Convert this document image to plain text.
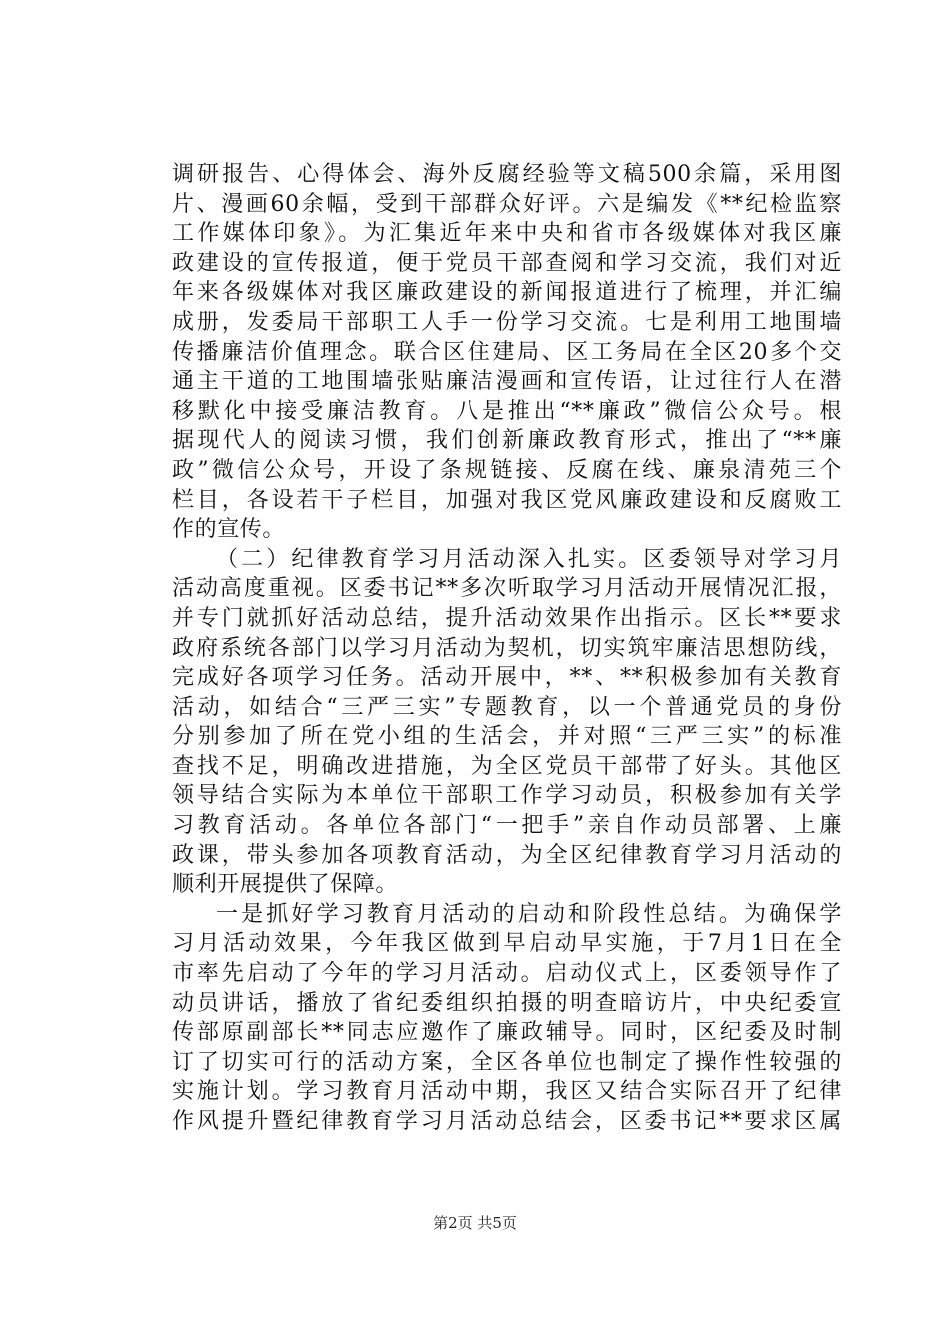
调研报告、心得体会、海外反腐经验等文稿500余篇，采用图
片、漫画60余幅，受到干部群众好评。六是编发《**纪检监察
工作媒体印象》。为汇集近年来中央和省市各级媒体对我区廉
政建设的宣传报道，便于党员干部查阅和学习交流，我们对近
年来各级媒体对我区廉政建设的新闻报道进行了梳理，并汇编
成册，发委局干部职工人手一份学习交流。七是利用工地围墙
传播廉洁价值理念。联合区住建局、区工务局在全区20多个交
通主干道的工地围墙张贴廉洁漫画和宣传语，让过往行人在潜
移默化中接受廉洁教育。八是推出“**廉政”微信公众号。根
据现代人的阅读习惯，我们创新廉政教育形式，推出了“**廉
政”微信公众号，开设了条规链接、反腐在线、廉泉清苑三个
栏目，各设若干子栏目，加强对我区党风廉政建设和反腐败工
作的宣传。
（二）纪律教育学习月活动深入扎实。区委领导对学习月
活动高度重视。区委书记**多次听取学习月活动开展情况汇报，
并专门就抓好活动总结，提升活动效果作出指示。区长**要求
政府系统各部门以学习月活动为契机，切实筑牢廉洁思想防线，
完成好各项学习任务。活动开展中，**、**积极参加有关教育
活动，如结合“三严三实”专题教育，以一个普通党员的身份
分别参加了所在党小组的生活会，并对照“三严三实”的标准
查找不足，明确改进措施，为全区党员干部带了好头。其他区
领导结合实际为本单位干部职工作学习动员，积极参加有关学
习教育活动。各单位各部门“一把手”亲自作动员部署、上廉
政课，带头参加各项教育活动，为全区纪律教育学习月活动的
顺利开展提供了保障。
一是抓好学习教育月活动的启动和阶段性总结。为确保学
习月活动效果，今年我区做到早启动早实施，于7月1日在全
市率先启动了今年的学习月活动。启动仪式上，区委领导作了
动员讲话，播放了省纪委组织拍摄的明查暗访片，中央纪委宣
传部原副部长**同志应邀作了廉政辅导。同时，区纪委及时制
订了切实可行的活动方案，全区各单位也制定了操作性较强的
实施计划。学习教育月活动中期，我区又结合实际召开了纪律
作风提升暨纪律教育学习月活动总结会，区委书记**要求区属
第2页 共5页
